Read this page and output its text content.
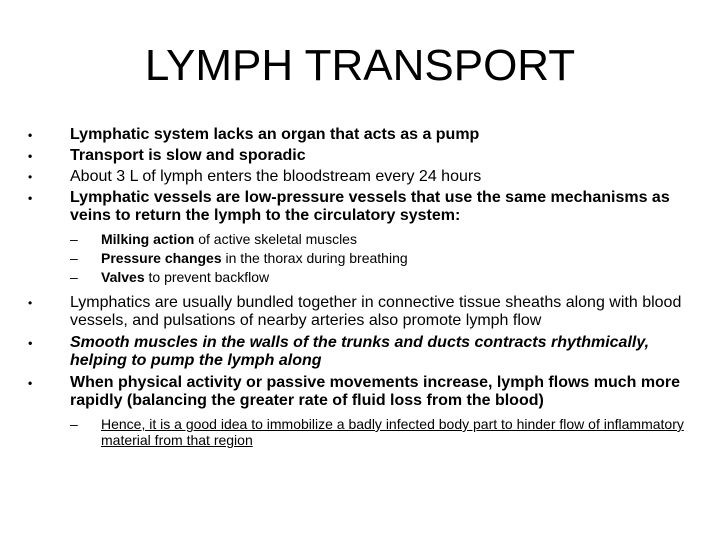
LYMPH TRANSPORT
•	Lymphatic system lacks an organ that acts as a pump
•	Transport is slow and sporadic
•	About 3 L of lymph enters the bloodstream every 24 hours
•	Lymphatic vessels are low-pressure vessels that use the same mechanisms as veins to return the lymph to the circulatory system:
– Milking action of active skeletal muscles
– Pressure changes in the thorax during breathing
– Valves to prevent backflow
•	Lymphatics are usually bundled together in connective tissue sheaths along with blood vessels, and pulsations of nearby arteries also promote lymph flow
•	Smooth muscles in the walls of the trunks and ducts contracts rhythmically, helping to pump the lymph along
•	When physical activity or passive movements increase, lymph flows much more rapidly (balancing the greater rate of fluid loss from the blood)
– Hence, it is a good idea to immobilize a badly infected body part to hinder flow of inflammatory material from that region
